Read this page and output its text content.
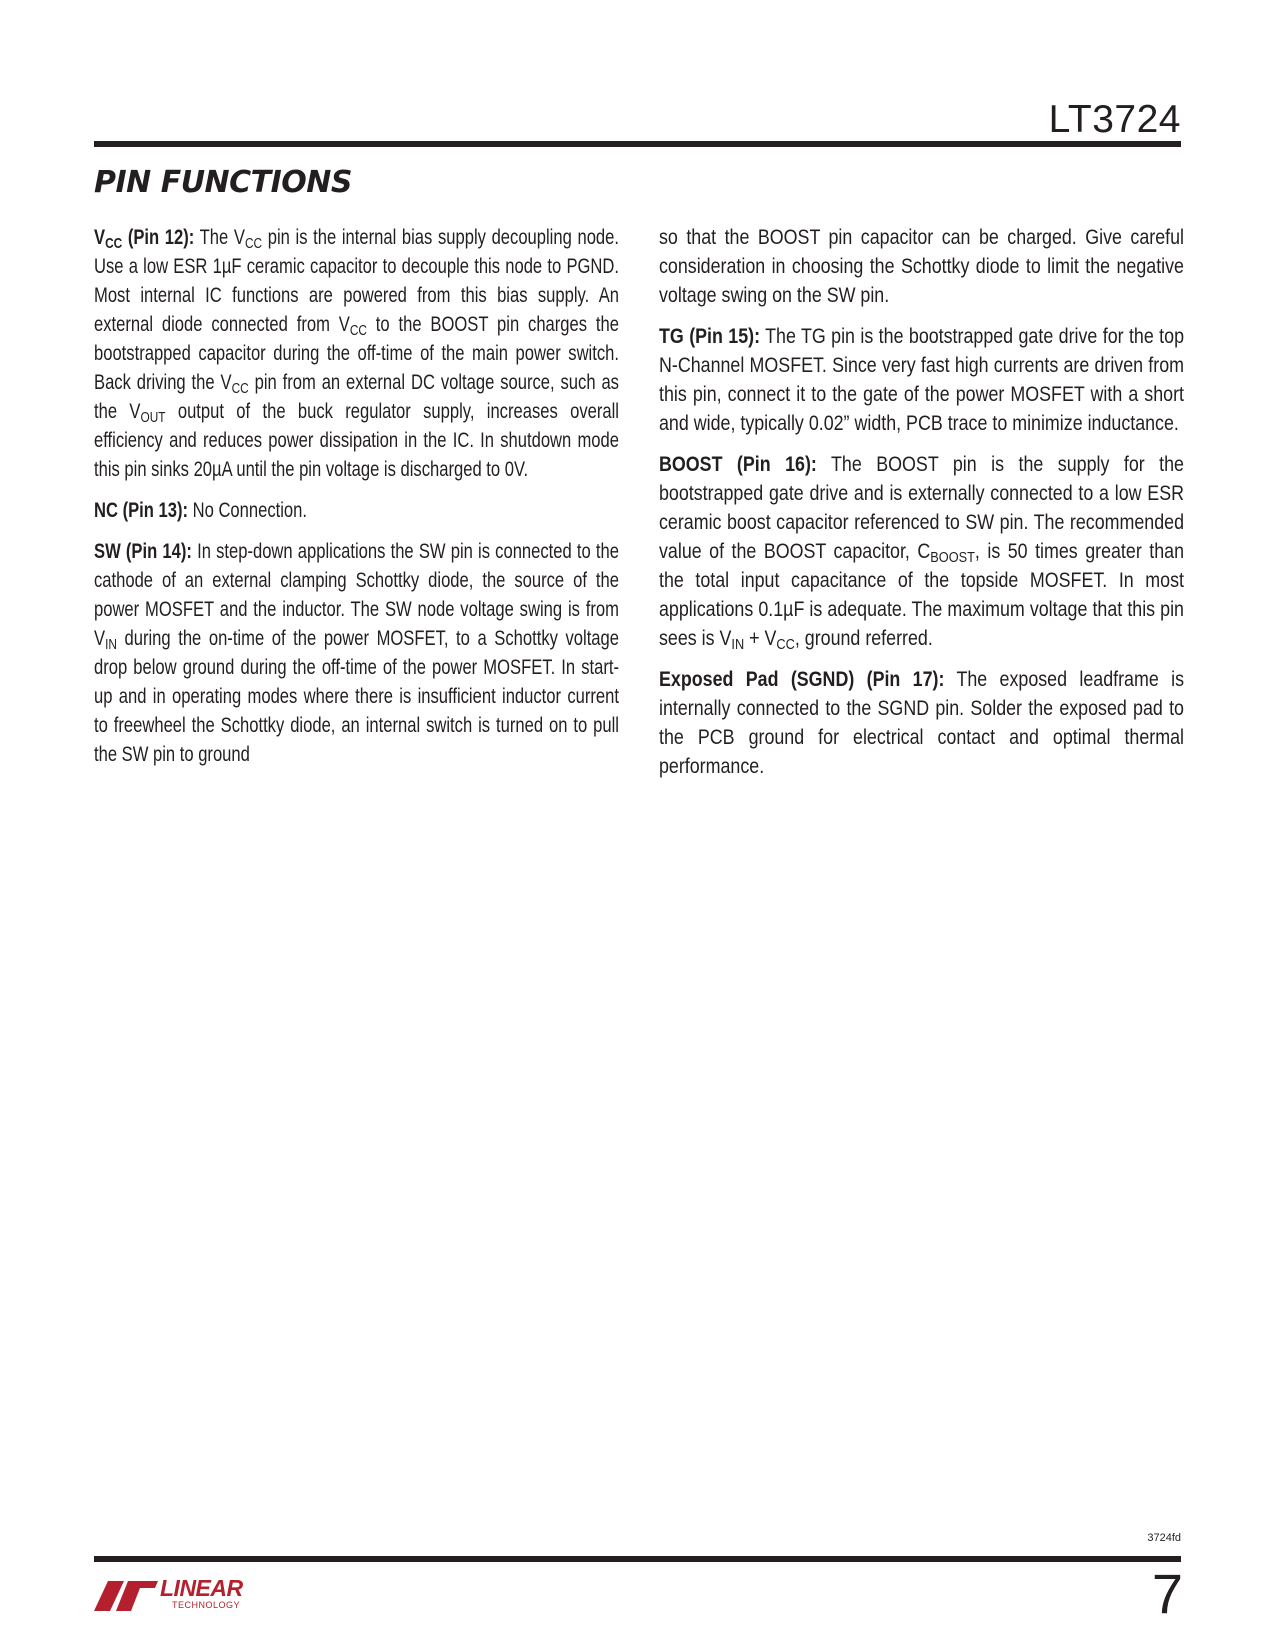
LT3724
PIN FUNCTIONS

$V_{CC}$ (Pin 12): The $V_{CC}$ pin is the internal bias supply decoupling node. Use a low ESR 1µF ceramic capacitor to decouple this node to PGND. Most internal IC functions are powered from this bias supply. An external diode connected from $V_{CC}$ to the BOOST pin charges the bootstrapped capacitor during the off-time of the main power switch. Back driving the $V_{CC}$ pin from an external DC voltage source, such as the $V_{OUT}$ output of the buck regulator supply, increases overall efficiency and reduces power dissipation in the IC. In shutdown mode this pin sinks 20µA until the pin voltage is discharged to 0V.

NC (Pin 13): No Connection.

SW (Pin 14): In step-down applications the SW pin is connected to the cathode of an external clamping Schottky diode, the source of the power MOSFET and the inductor. The SW node voltage swing is from $V_{IN}$ during the on-time of the power MOSFET, to a Schottky voltage drop below ground during the off-time of the power MOSFET. In start-up and in operating modes where there is insufficient inductor current to freewheel the Schottky diode, an internal switch is turned on to pull the SW pin to ground

so that the BOOST pin capacitor can be charged. Give careful consideration in choosing the Schottky diode to limit the negative voltage swing on the SW pin.

TG (Pin 15): The TG pin is the bootstrapped gate drive for the top N-Channel MOSFET. Since very fast high currents are driven from this pin, connect it to the gate of the power MOSFET with a short and wide, typically 0.02” width, PCB trace to minimize inductance.

BOOST (Pin 16): The BOOST pin is the supply for the bootstrapped gate drive and is externally connected to a low ESR ceramic boost capacitor referenced to SW pin. The recommended value of the BOOST capacitor, $C_{BOOST}$, is 50 times greater than the total input capacitance of the topside MOSFET. In most applications 0.1µF is adequate. The maximum voltage that this pin sees is $V_{IN} + V_{CC}$, ground referred.

Exposed Pad (SGND) (Pin 17): The exposed leadframe is internally connected to the SGND pin. Solder the exposed pad to the PCB ground for electrical contact and optimal thermal performance.

3724fd
LINEAR
TECHNOLOGY	7
